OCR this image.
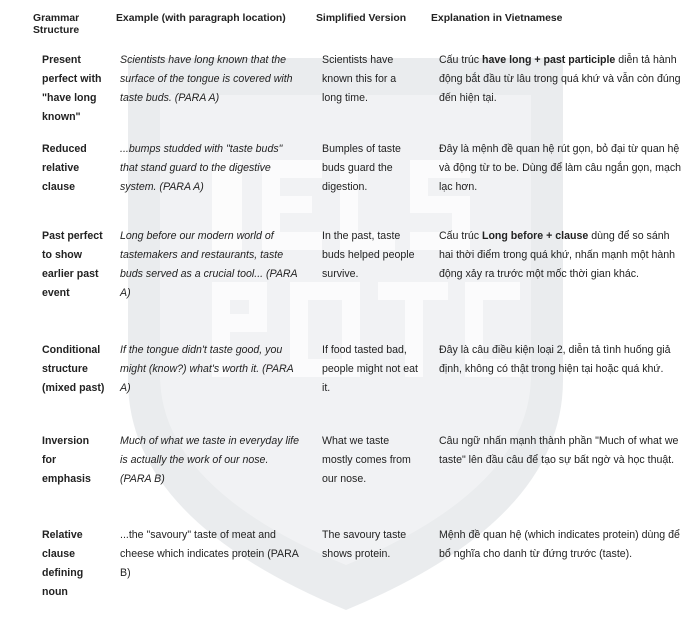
Grammar Structure	Example (with paragraph location)	Simplified Version	Explanation in Vietnamese
Present perfect with "have long known"	Scientists have long known that the surface of the tongue is covered with taste buds. (PARA A)	Scientists have known this for a long time.	Cấu trúc have long + past participle diễn tả hành động bắt đầu từ lâu trong quá khứ và vẫn còn đúng đến hiện tại.
Reduced relative clause	...bumps studded with "taste buds" that stand guard to the digestive system. (PARA A)	Bumples of taste buds guard the digestion.	Đây là mệnh đề quan hệ rút gọn, bỏ đại từ quan hệ và động từ to be. Dùng để làm câu ngắn gọn, mạch lạc hơn.
Past perfect to show earlier past event	Long before our modern world of tastemakers and restaurants, taste buds served as a crucial tool... (PARA A)	In the past, taste buds helped people survive.	Cấu trúc Long before + clause dùng để so sánh hai thời điểm trong quá khứ, nhấn mạnh một hành động xảy ra trước một mốc thời gian khác.
Conditional structure (mixed past)	If the tongue didn't taste good, you might (know?) what's worth it. (PARA A)	If food tasted bad, people might not eat it.	Đây là câu điều kiện loại 2, diễn tả tình huống giả định, không có thật trong hiện tại hoặc quá khứ.
Inversion for emphasis	Much of what we taste in everyday life is actually the work of our nose. (PARA B)	What we taste mostly comes from our nose.	Câu ngữ nhấn mạnh thành phần "Much of what we taste" lên đầu câu để tạo sự bất ngờ và học thuật.
Relative clause defining noun	...the "savoury" taste of meat and cheese which indicates protein (PARA B)	The savoury taste shows protein.	Mệnh đề quan hệ (which indicates protein) dùng để bổ nghĩa cho danh từ đứng trước (taste).
